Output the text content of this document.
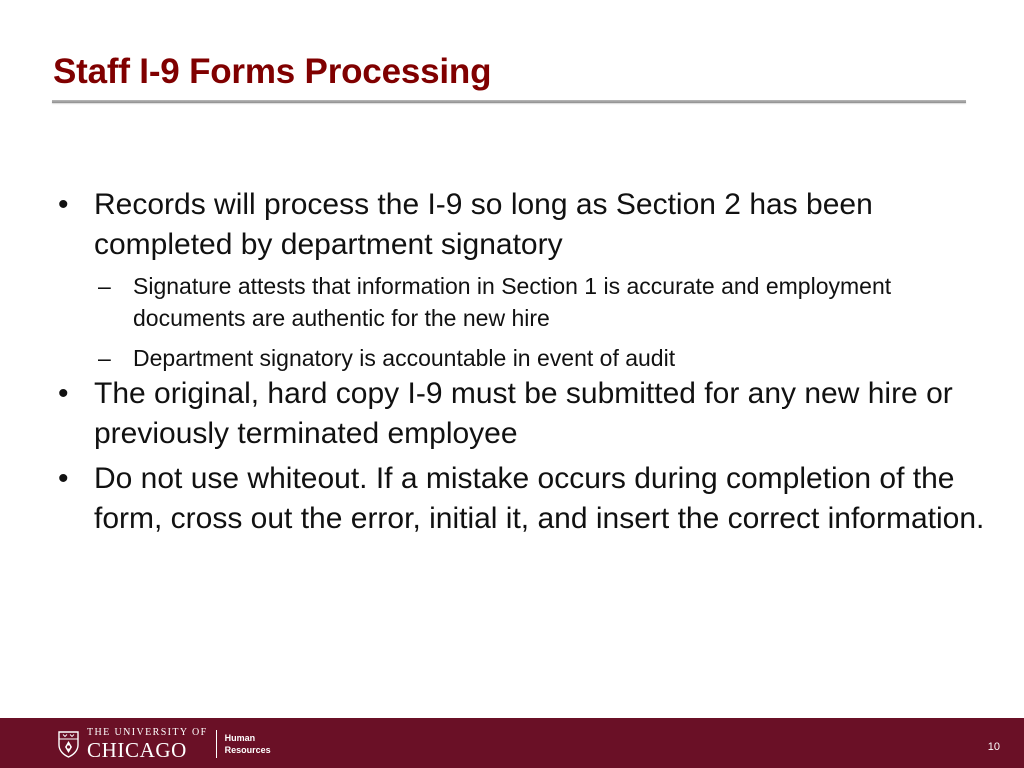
Staff I-9 Forms Processing
• Records will process the I-9 so long as Section 2 has been completed by department signatory
– Signature attests that information in Section 1 is accurate and employment documents are authentic for the new hire
– Department signatory is accountable in event of audit
• The original, hard copy I-9 must be submitted for any new hire or previously terminated employee
• Do not use whiteout. If a mistake occurs during completion of the form, cross out the error, initial it, and insert the correct information.
THE UNIVERSITY OF
CHICAGO	Human
Resources	10
